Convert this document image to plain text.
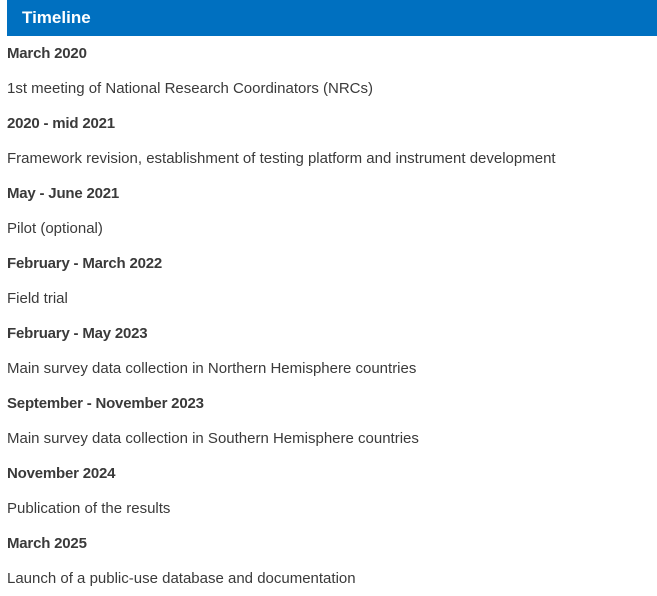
Timeline
March 2020
1st meeting of National Research Coordinators (NRCs)
2020 - mid 2021
Framework revision, establishment of testing platform and instrument development
May - June 2021
Pilot (optional)
February - March 2022
Field trial
February - May 2023
Main survey data collection in Northern Hemisphere countries
September - November 2023
Main survey data collection in Southern Hemisphere countries
November 2024
Publication of the results
March 2025
Launch of a public-use database and documentation
